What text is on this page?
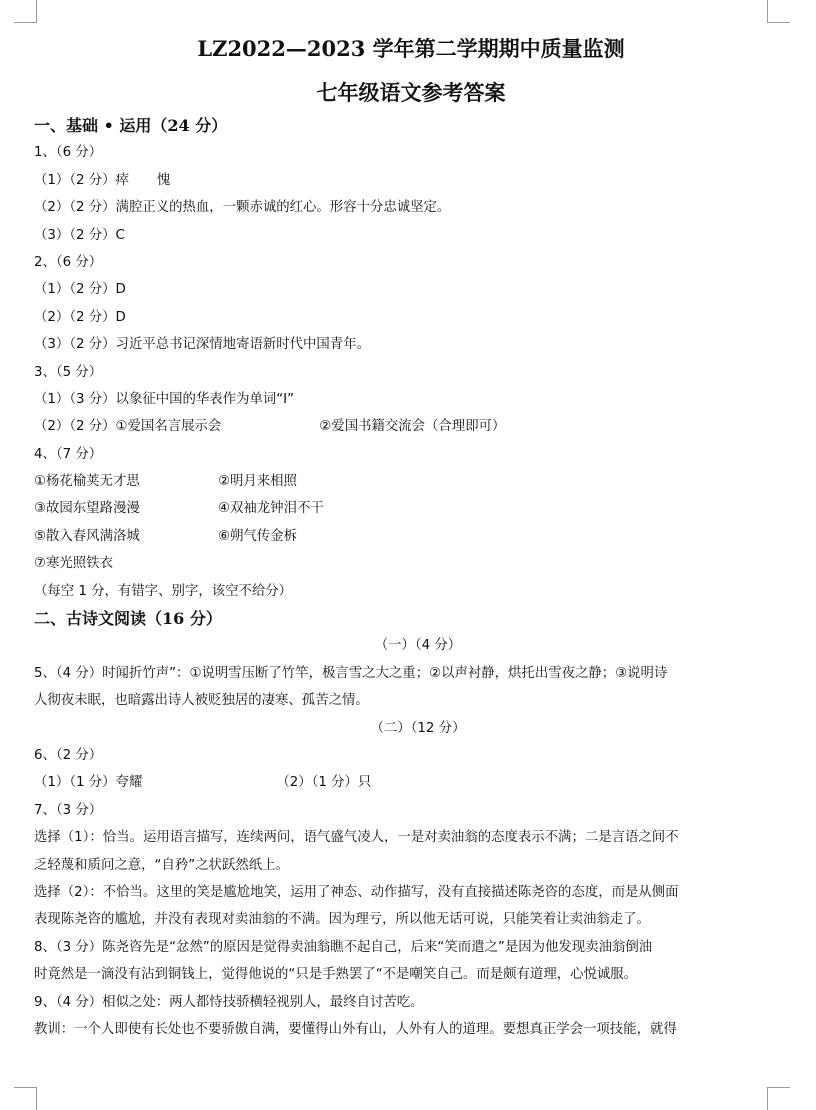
LZ2022—2023 学年第二学期期中质量监测
七年级语文参考答案
一、基础 • 运用（24 分）
1、（6 分）
（1）（2 分）瘁 愧
（2）（2 分）满腔正义的热血，一颗赤诚的红心。形容十分忠诚坚定。
（3）（2 分）C
2、（6 分）
（1）（2 分）D
（2）（2 分）D
（3）（2 分）习近平总书记深情地寄语新时代中国青年。
3、（5 分）
（1）（3 分）以象征中国的华表作为单词“I”
（2）（2 分）①爱国名言展示会	②爱国书籍交流会（合理即可）
4、（7 分）
①杨花榆荚无才思	②明月来相照
③故园东望路漫漫	④双袖龙钟泪不干
⑤散入春风满洛城	⑥朔气传金柝
⑦寒光照铁衣
（每空 1 分，有错字、别字，该空不给分）
二、古诗文阅读（16 分）
（一）（4 分）
5、（4 分）时闻折竹声”：①说明雪压断了竹竿，极言雪之大之重；②以声衬静，烘托出雪夜之静；③说明诗
人彻夜未眠，也暗露出诗人被贬独居的凄寒、孤苦之情。
（二）（12 分）
6、（2 分）
（1）（1 分）夸耀	（2）（1 分）只
7、（3 分）
选择（1）：恰当。运用语言描写，连续两问，语气盛气凌人，一是对卖油翁的态度表示不满；二是言语之间不
乏轻蔑和质问之意，“自矜”之状跃然纸上。
选择（2）：不恰当。这里的笑是尴尬地笑，运用了神态、动作描写，没有直接描述陈尧咨的态度，而是从侧面
表现陈尧咨的尴尬，并没有表现对卖油翁的不满。因为理亏，所以他无话可说，只能笑着让卖油翁走了。
8、（3 分）陈尧咨先是“忿然”的原因是觉得卖油翁瞧不起自己，后来“笑而遣之”是因为他发现卖油翁倒油
时竟然是一滴没有沾到铜钱上，觉得他说的“只是手熟罢了“不是嘲笑自己。而是颇有道理，心悦诚服。
9、（4 分）相似之处：两人都恃技骄横轻视别人，最终自讨苦吃。
教训：一个人即使有长处也不要骄傲自满，要懂得山外有山，人外有人的道理。要想真正学会一项技能，就得
